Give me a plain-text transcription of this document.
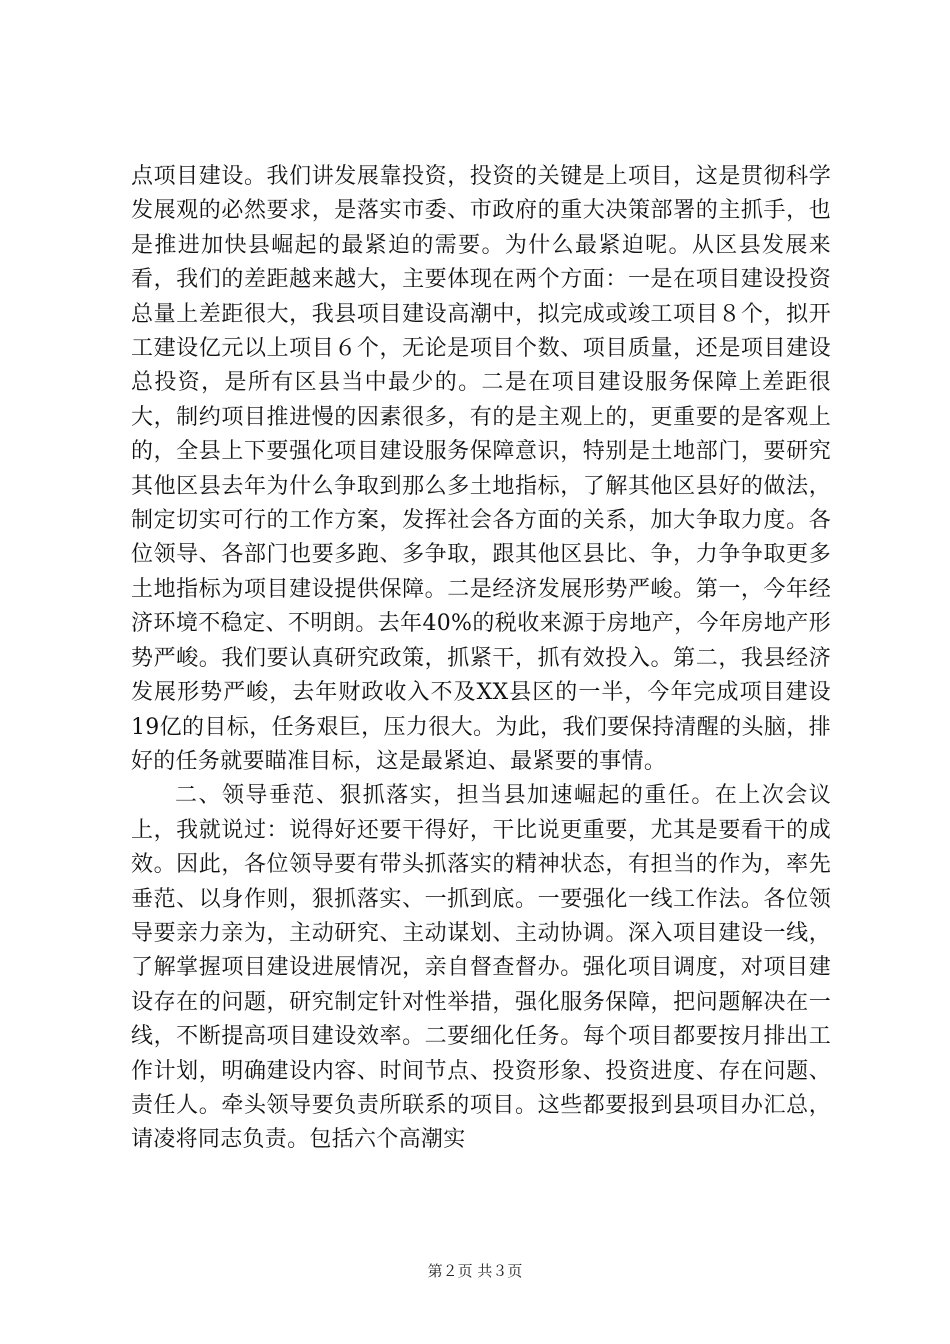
点项目建设。我们讲发展靠投资，投资的关键是上项目，这是贯彻科学发展观的必然要求，是落实市委、市政府的重大决策部署的主抓手，也是推进加快县崛起的最紧迫的需要。为什么最紧迫呢。从区县发展来看，我们的差距越来越大，主要体现在两个方面：一是在项目建设投资总量上差距很大，我县项目建设高潮中，拟完成或竣工项目８个，拟开工建设亿元以上项目６个，无论是项目个数、项目质量，还是项目建设总投资，是所有区县当中最少的。二是在项目建设服务保障上差距很大，制约项目推进慢的因素很多，有的是主观上的，更重要的是客观上的，全县上下要强化项目建设服务保障意识，特别是土地部门，要研究其他区县去年为什么争取到那么多土地指标，了解其他区县好的做法，制定切实可行的工作方案，发挥社会各方面的关系，加大争取力度。各位领导、各部门也要多跑、多争取，跟其他区县比、争，力争争取更多土地指标为项目建设提供保障。二是经济发展形势严峻。第一，今年经济环境不稳定、不明朗。去年40%的税收来源于房地产，今年房地产形势严峻。我们要认真研究政策，抓紧干，抓有效投入。第二，我县经济发展形势严峻，去年财政收入不及XX县区的一半，今年完成项目建设19亿的目标，任务艰巨，压力很大。为此，我们要保持清醒的头脑，排好的任务就要瞄准目标，这是最紧迫、最紧要的事情。

二、领导垂范、狠抓落实，担当县加速崛起的重任。在上次会议上，我就说过：说得好还要干得好，干比说更重要，尤其是要看干的成效。因此，各位领导要有带头抓落实的精神状态，有担当的作为，率先垂范、以身作则，狠抓落实、一抓到底。一要强化一线工作法。各位领导要亲力亲为，主动研究、主动谋划、主动协调。深入项目建设一线，了解掌握项目建设进展情况，亲自督查督办。强化项目调度，对项目建设存在的问题，研究制定针对性举措，强化服务保障，把问题解决在一线，不断提高项目建设效率。二要细化任务。每个项目都要按月排出工作计划，明确建设内容、时间节点、投资形象、投资进度、存在问题、责任人。牵头领导要负责所联系的项目。这些都要报到县项目办汇总，请凌将同志负责。包括六个高潮实

第２页 共３页
